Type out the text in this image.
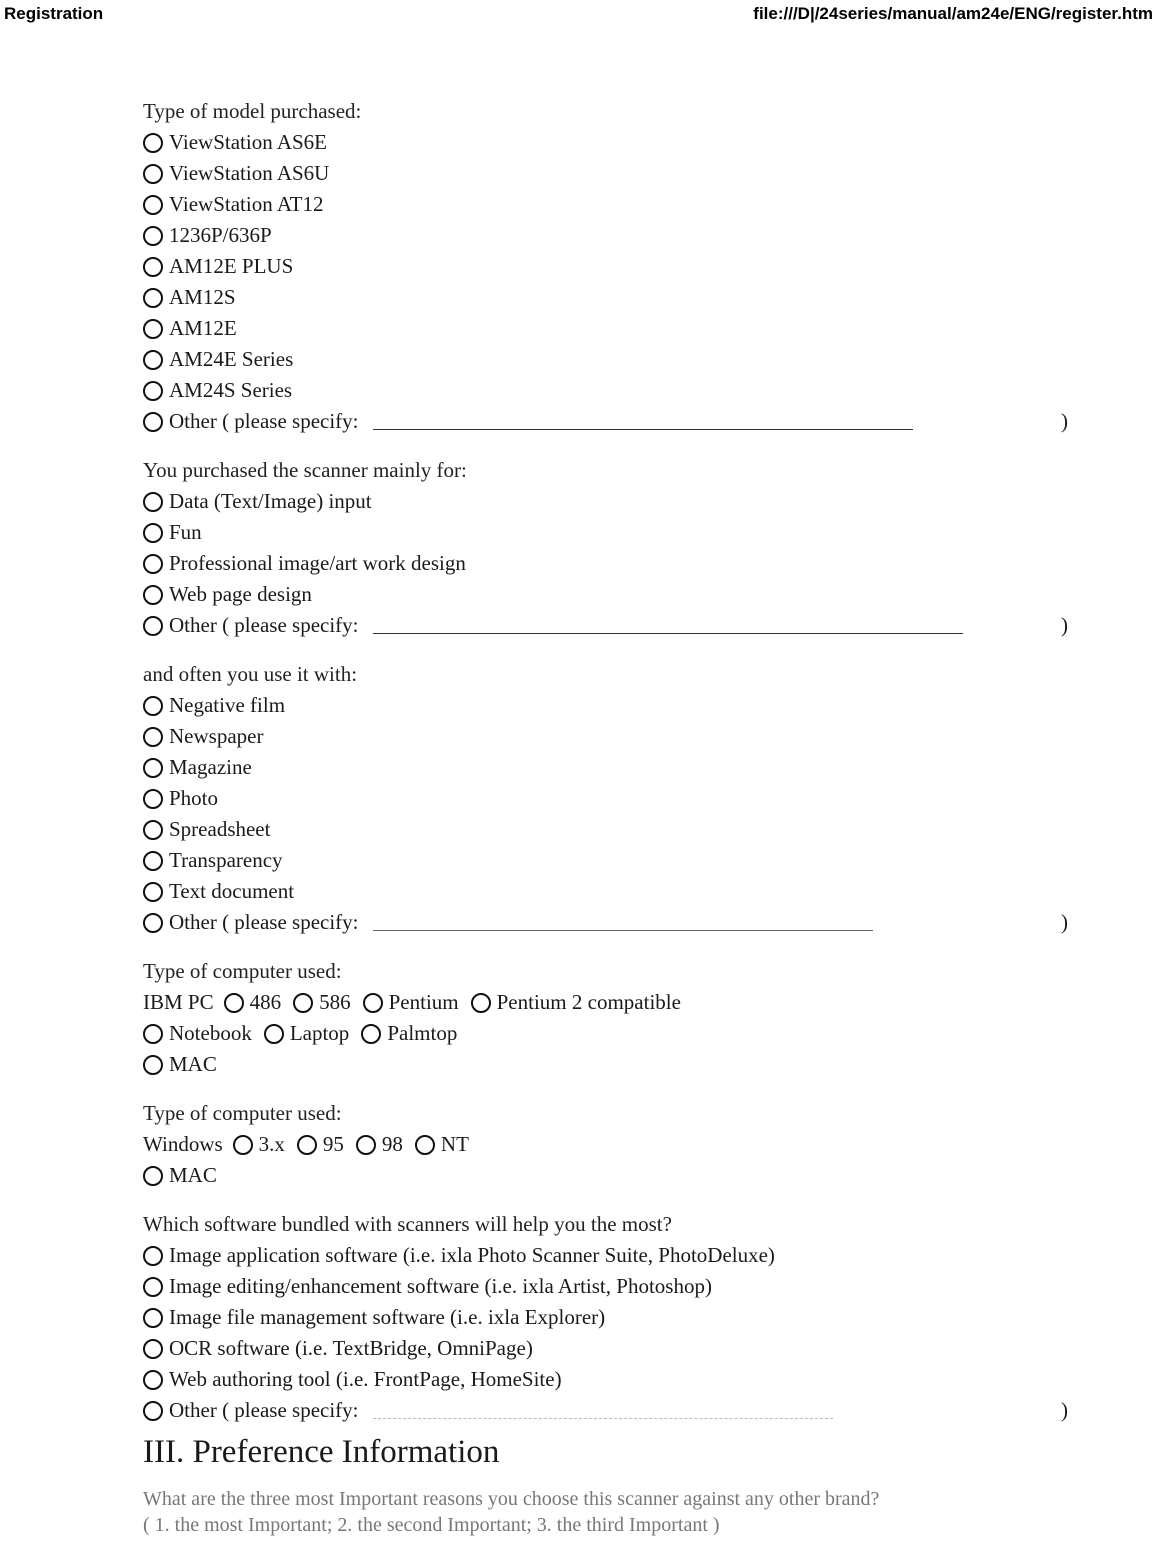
Registration	file:///D|/24series/manual/am24e/ENG/register.htm
Type of model purchased:
ViewStation AS6E
ViewStation AS6U
ViewStation AT12
1236P/636P
AM12E PLUS
AM12S
AM12E
AM24E Series
AM24S Series
Other ( please specify:	)
You purchased the scanner mainly for:
Data (Text/Image) input
Fun
Professional image/art work design
Web page design
Other ( please specify:	)
and often you use it with:
Negative film
Newspaper
Magazine
Photo
Spreadsheet
Transparency
Text document
Other ( please specify:	)
Type of computer used:
IBM PC 486 586 Pentium Pentium 2 compatible
Notebook Laptop Palmtop
MAC
Type of computer used:
Windows 3.x 95 98 NT
MAC
Which software bundled with scanners will help you the most?
Image application software (i.e. ixla Photo Scanner Suite, PhotoDeluxe)
Image editing/enhancement software (i.e. ixla Artist, Photoshop)
Image file management software (i.e. ixla Explorer)
OCR software (i.e. TextBridge, OmniPage)
Web authoring tool (i.e. FrontPage, HomeSite)
Other ( please specify:	)
III. Preference Information
What are the three most Important reasons you choose this scanner against any other brand?
( 1. the most Important; 2. the second Important; 3. the third Important )
